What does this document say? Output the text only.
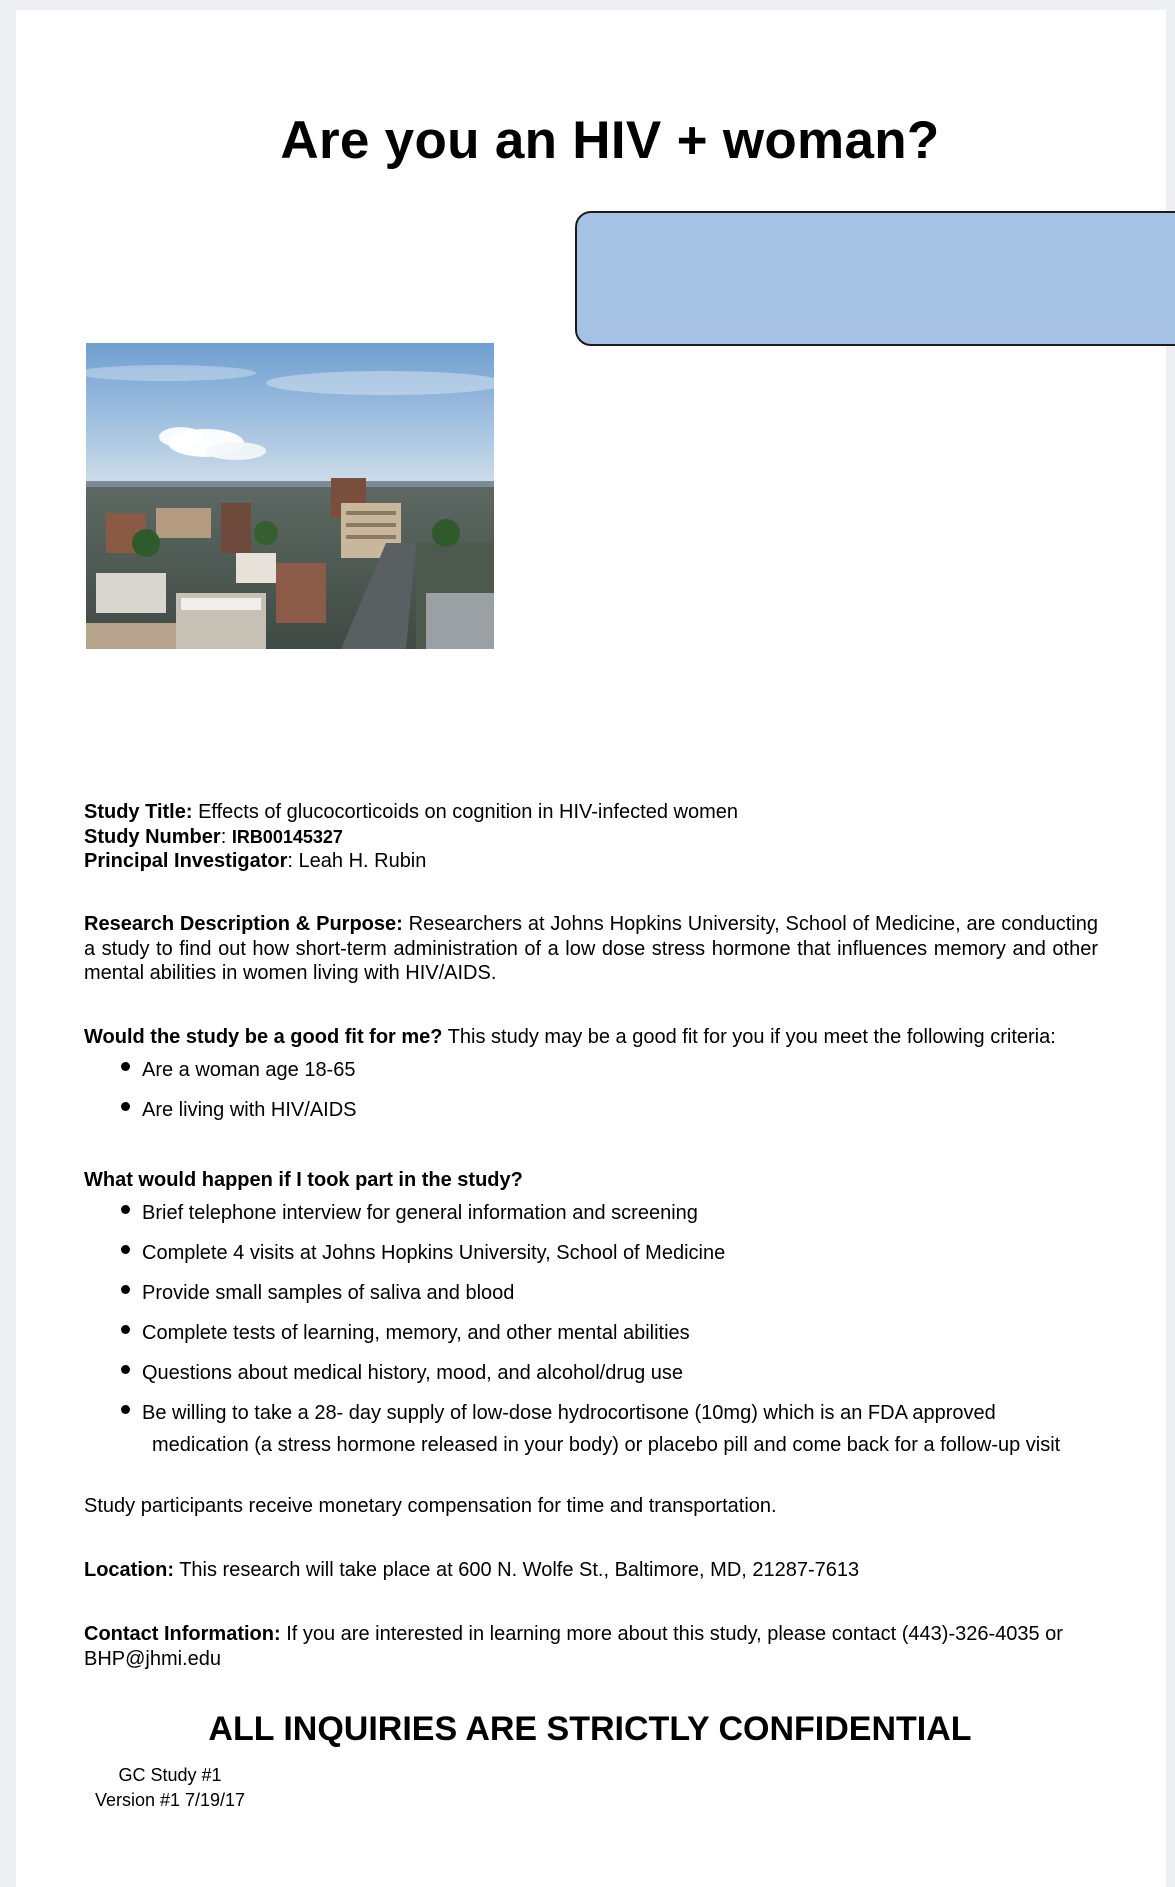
Are you an HIV + woman?
Study Title: Effects of glucocorticoids on cognition in HIV-infected women
Study Number: IRB00145327
Principal Investigator: Leah H. Rubin
Research Description & Purpose: Researchers at Johns Hopkins University, School of Medicine, are conducting a study to find out how short-term administration of a low dose stress hormone that influences memory and other mental abilities in women living with HIV/AIDS.
Would the study be a good fit for me? This study may be a good fit for you if you meet the following criteria:
Are a woman age 18-65
Are living with HIV/AIDS
What would happen if I took part in the study?
Brief telephone interview for general information and screening
Complete 4 visits at Johns Hopkins University, School of Medicine
Provide small samples of saliva and blood
Complete tests of learning, memory, and other mental abilities
Questions about medical history, mood, and alcohol/drug use
Be willing to take a 28- day supply of low-dose hydrocortisone (10mg) which is an FDA approved
medication (a stress hormone released in your body) or placebo pill and come back for a follow-up visit
Study participants receive monetary compensation for time and transportation.
Location: This research will take place at 600 N. Wolfe St., Baltimore, MD, 21287-7613
Contact Information: If you are interested in learning more about this study, please contact (443)-326-4035 or BHP@jhmi.edu
ALL INQUIRIES ARE STRICTLY CONFIDENTIAL
GC Study #1
Version #1 7/19/17
